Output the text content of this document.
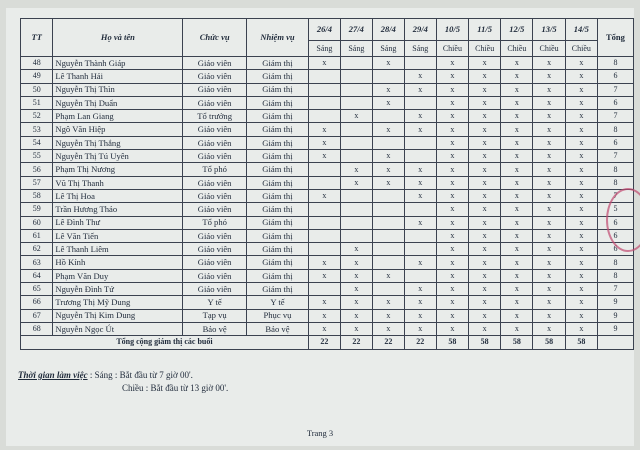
TT	Họ và tên	Chức vụ	Nhiệm vụ	26/4	27/4	28/4	29/4	10/5	11/5	12/5	13/5	14/5	Tổng
				Sáng	Sáng	Sáng	Sáng	Chiều	Chiều	Chiều	Chiều	Chiều	
48	Nguyễn Thành Giáp	Giáo viên	Giám thị	x		x		x	x	x	x	x	8
49	Lê Thanh Hải	Giáo viên	Giám thị				x	x	x	x	x	x	6
50	Nguyễn Thị Thìn	Giáo viên	Giám thị			x	x	x	x	x	x	x	7
51	Nguyễn Thị Duẩn	Giáo viên	Giám thị			x		x	x	x	x	x	6
52	Phạm Lan Giang	Tổ trưởng	Giám thị		x		x	x	x	x	x	x	7
53	Ngô Văn Hiệp	Giáo viên	Giám thị	x		x	x	x	x	x	x	x	8
54	Nguyễn Thị Thắng	Giáo viên	Giám thị	x				x	x	x	x	x	6
55	Nguyễn Thị Tú Uyên	Giáo viên	Giám thị	x		x		x	x	x	x	x	7
56	Phạm Thị Nương	Tổ phó	Giám thị		x	x	x	x	x	x	x	x	8
57	Vũ Thị Thanh	Giáo viên	Giám thị		x	x	x	x	x	x	x	x	8
58	Lê Thị Hoa	Giáo viên	Giám thị	x			x	x	x	x	x	x	7
59	Trần Hương Thảo	Giáo viên	Giám thị					x	x	x	x	x	5
60	Lê Đình Thư	Tổ phó	Giám thị				x	x	x	x	x	x	6
61	Lê Văn Tiến	Giáo viên	Giám thị					x	x	x	x	x	6
62	Lê Thanh Liêm	Giáo viên	Giám thị		x			x	x	x	x	x	6
63	Hồ Kính	Giáo viên	Giám thị	x	x		x	x	x	x	x	x	8
64	Phạm Văn Duy	Giáo viên	Giám thị	x	x	x		x	x	x	x	x	8
65	Nguyễn Đình Tứ	Giáo viên	Giám thị		x		x	x	x	x	x	x	7
66	Trương Thị Mỹ Dung	Y tế	Y tế	x	x	x	x	x	x	x	x	x	9
67	Nguyễn Thị Kim Dung	Tạp vụ	Phục vụ	x	x	x	x	x	x	x	x	x	9
68	Nguyễn Ngọc Út	Bảo vệ	Bảo vệ	x	x	x	x	x	x	x	x	x	9
Tổng cộng giám thị các buổi				22	22	22	22	58	58	58	58	58	
Thời gian làm việc : Sáng : Bắt đầu từ 7 giờ 00'.
Chiều : Bắt đầu từ 13 giờ 00'.
Trang 3
